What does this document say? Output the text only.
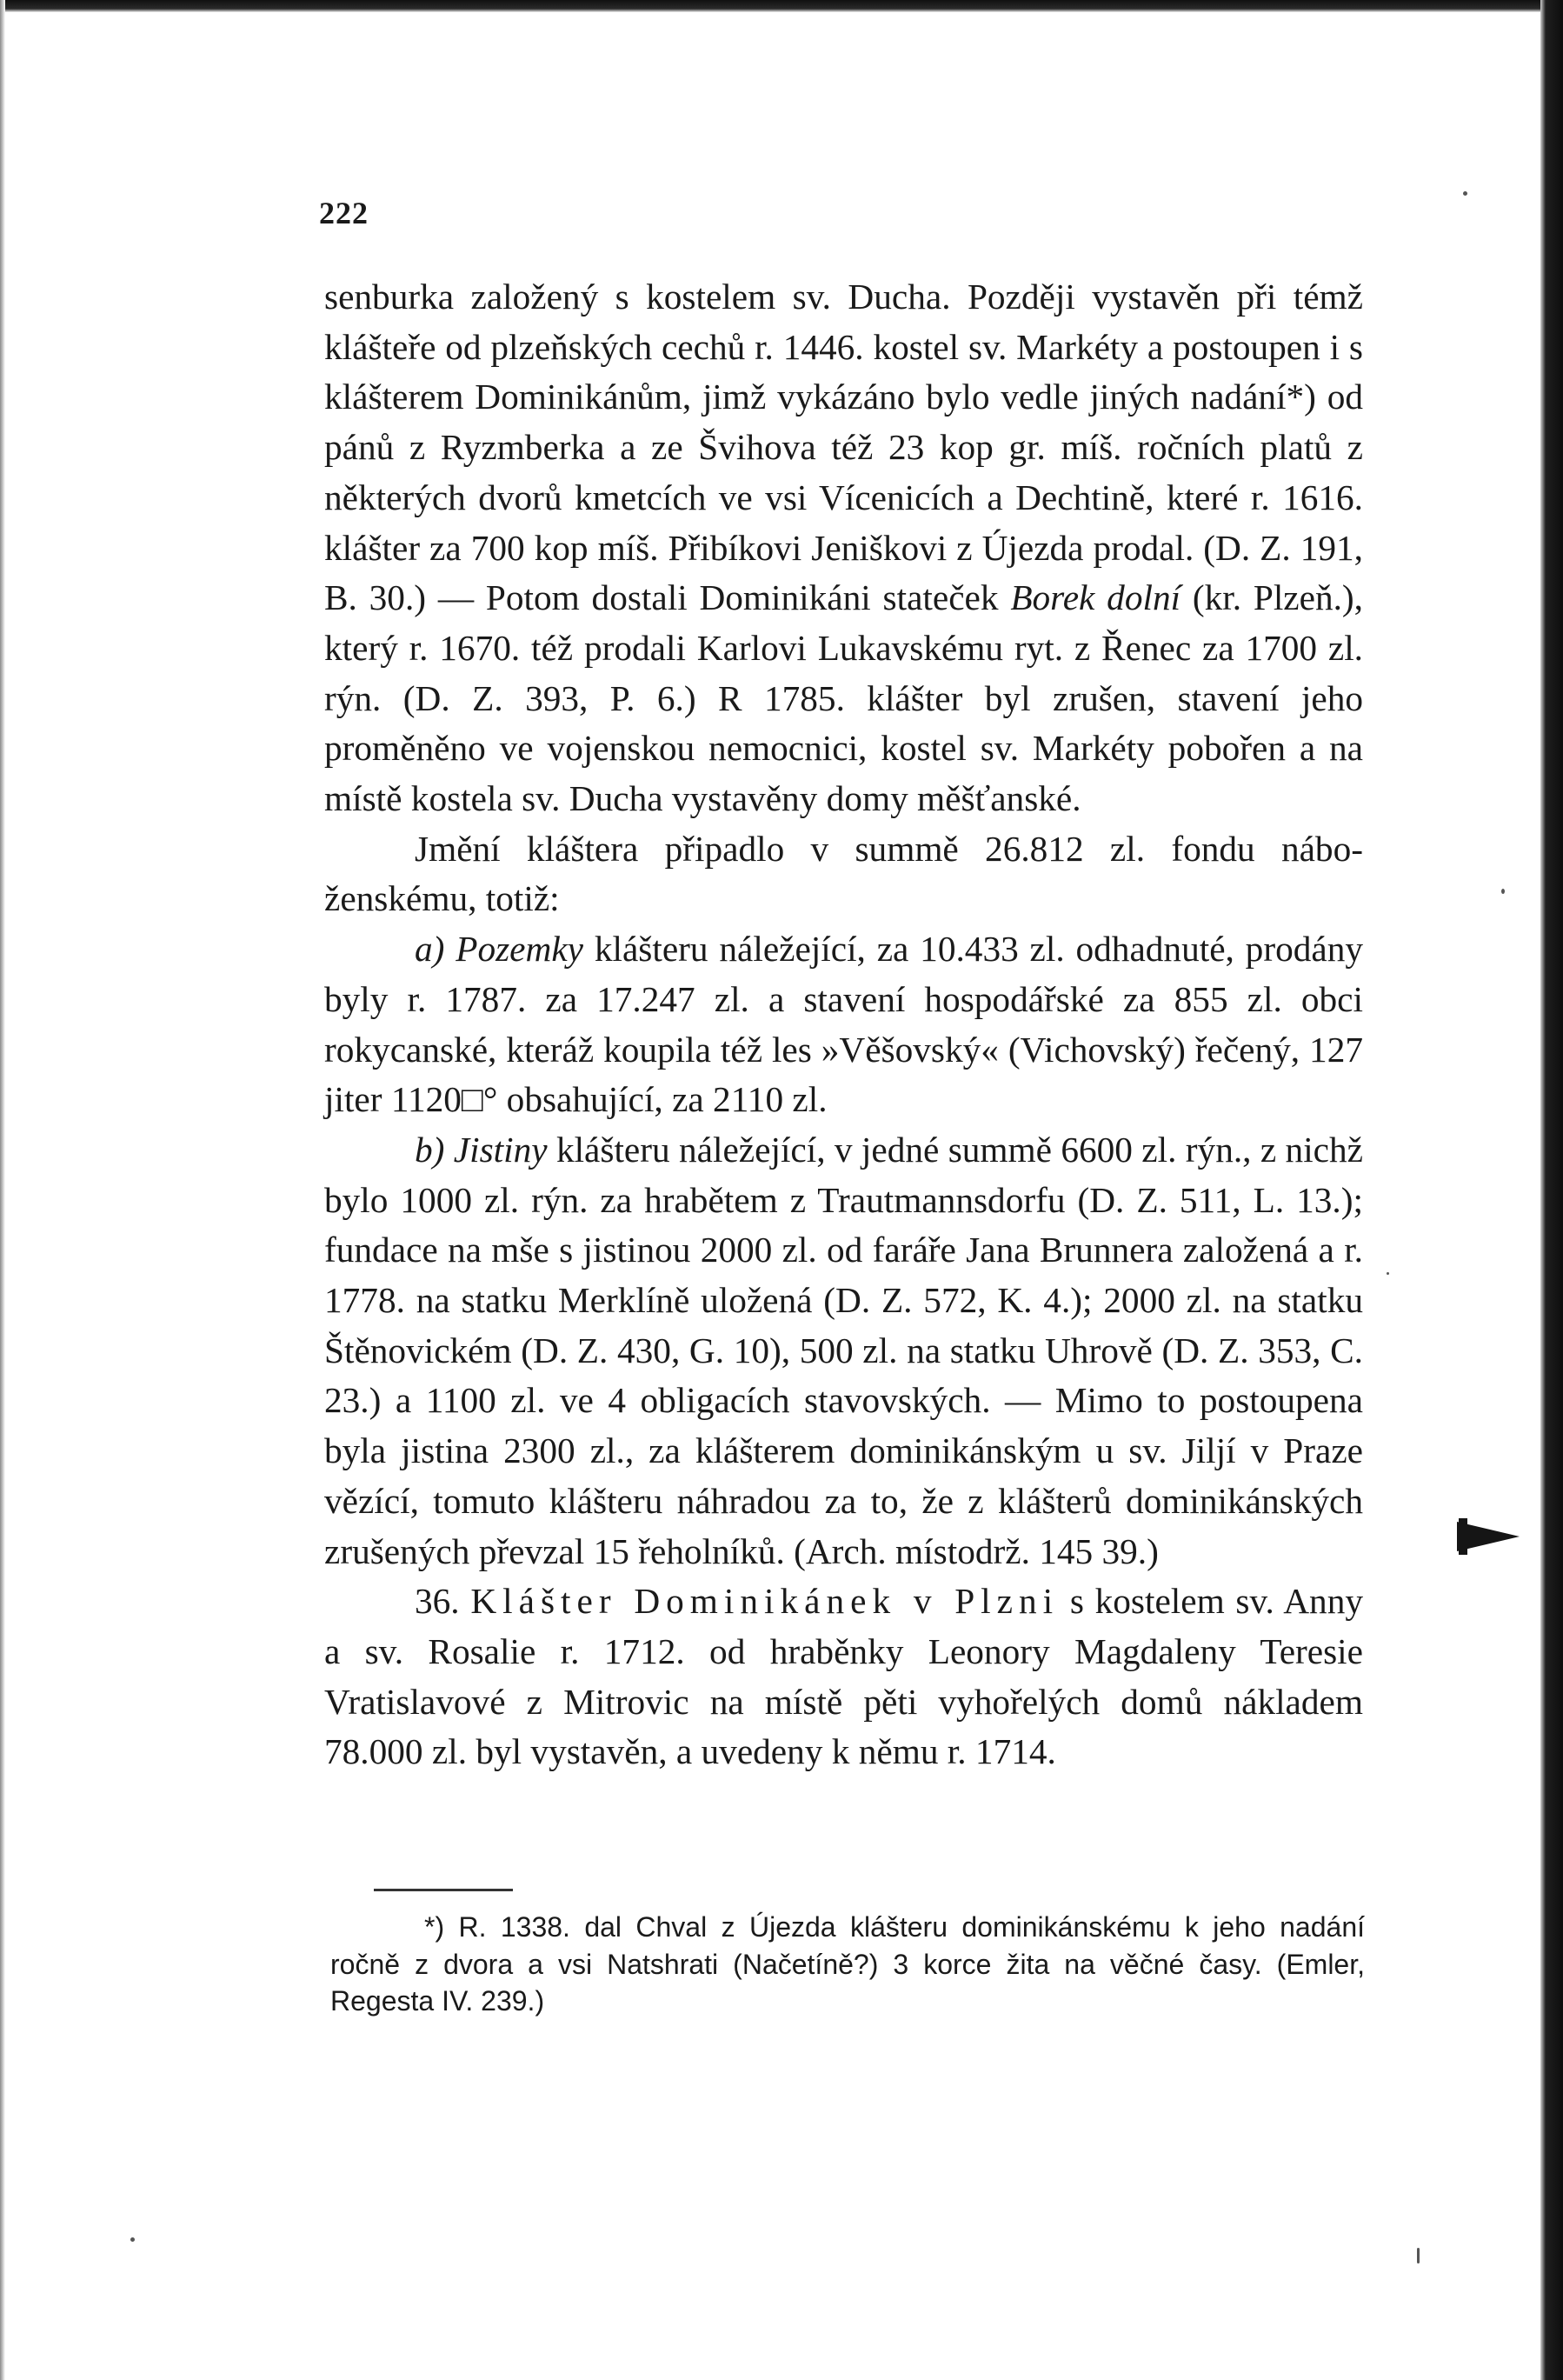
222

senburka založený s kostelem sv. Ducha. Později vystavěn při témž klášteře od plzeňských cechů r. 1446. kostel sv. Markéty a postoupen i s klášterem Dominikánům, jimž vykázáno bylo vedle jiných nadání*) od pánů z Ryzmberka a ze Švihova též 23 kop gr. míš. ročních platů z některých dvorů kmetcích ve vsi Vícenicích a Dechtině, které r. 1616. klášter za 700 kop míš. Přibíkovi Jeniškovi z Újezda prodal. (D. Z. 191, B. 30.) — Potom dostali Dominikáni stateček Borek dolní (kr. Plzeň.), který r. 1670. též prodali Karlovi Lukavskému ryt. z Řenec za 1700 zl. rýn. (D. Z. 393, P. 6.) R 1785. klášter byl zrušen, stavení jeho proměněno ve vojenskou nemocnici, kostel sv. Markéty pobořen a na místě kostela sv. Ducha vystavěny domy měšťanské.

Jmění kláštera připadlo v summě 26.812 zl. fondu náboženskému, totiž:

a) Pozemky klášteru náležející, za 10.433 zl. odhadnuté, prodány byly r. 1787. za 17.247 zl. a stavení hospodářské za 855 zl. obci rokycanské, kteráž koupila též les »Věšovský« (Vichovský) řečený, 127 jiter 1120□° obsahující, za 2110 zl.

b) Jistiny klášteru náležející, v jedné summě 6600 zl. rýn., z nichž bylo 1000 zl. rýn. za hrabětem z Trautmannsdorfu (D. Z. 511, L. 13.); fundace na mše s jistinou 2000 zl. od faráře Jana Brunnera založená a r. 1778. na statku Merklíně uložená (D. Z. 572, K. 4.); 2000 zl. na statku Štěnovickém (D. Z. 430, G. 10), 500 zl. na statku Uhrově (D. Z. 353, C. 23.) a 1100 zl. ve 4 obligacích stavovských. — Mimo to postoupena byla jistina 2300 zl., za klášterem dominikánským u sv. Jiljí v Praze vězící, tomuto klášteru náhradou za to, že z klášterů dominikánských zrušených převzal 15 řeholníků. (Arch. místodrž. 145 39.)

36. Klášter Dominikánek v Plzni s kostelem sv. Anny a sv. Rosalie r. 1712. od hraběnky Leonory Magdaleny Teresie Vratislavové z Mitrovic na místě pěti vyhořelých domů nákladem 78.000 zl. byl vystavěn, a uvedeny k němu r. 1714.

*) R. 1338. dal Chval z Újezda klášteru dominikánskému k jeho nadání ročně z dvora a vsi Natshrati (Načetíně?) 3 korce žita na věčné časy. (Emler, Regesta IV. 239.)
